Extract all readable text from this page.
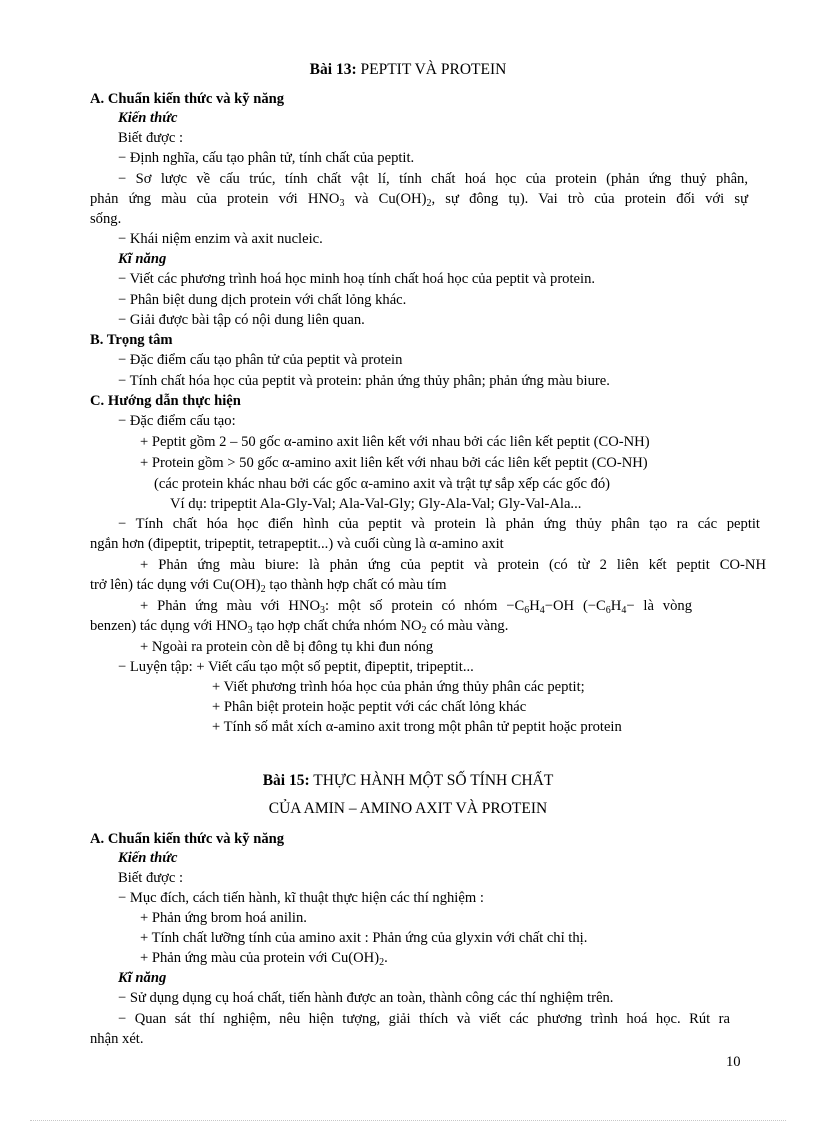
Bài 13: PEPTIT VÀ PROTEIN
A. Chuẩn kiến thức và kỹ năng
Kiến thức
Biết được :
− Định nghĩa, cấu tạo phân tử, tính chất của peptit.
− Sơ lược về cấu trúc, tính chất vật lí, tính chất hoá học của protein (phản ứng thuỷ phân,
phản ứng màu của protein với $HNO_3$ và $Cu(OH)_2$, sự đông tụ). Vai trò của protein đối với sự
sống.
− Khái niệm enzim và axit nucleic.
Kĩ năng
− Viết các phương trình hoá học minh hoạ tính chất hoá học của peptit và protein.
− Phân biệt dung dịch protein với chất lỏng khác.
− Giải được bài tập có nội dung liên quan.
B. Trọng tâm
− Đặc điểm cấu tạo phân tử của peptit và protein
− Tính chất hóa học của peptit và protein: phản ứng thủy phân; phản ứng màu biure.
C. Hướng dẫn thực hiện
− Đặc điểm cấu tạo:
+ Peptit gồm 2 – 50 gốc α-amino axit liên kết với nhau bởi các liên kết peptit (CO-NH)
+ Protein gồm > 50 gốc α-amino axit liên kết với nhau bởi các liên kết peptit (CO-NH)
(các protein khác nhau bởi các gốc α-amino axit và trật tự sắp xếp các gốc đó)
Ví dụ: tripeptit Ala-Gly-Val; Ala-Val-Gly; Gly-Ala-Val; Gly-Val-Ala...
− Tính chất hóa học điển hình của peptit và protein là phản ứng thủy phân tạo ra các peptit
ngắn hơn (đipeptit, tripeptit, tetrapeptit...) và cuối cùng là α-amino axit
+ Phản ứng màu biure: là phản ứng của peptit và protein (có từ 2 liên kết peptit CO-NH
trở lên) tác dụng với $Cu(OH)_2$ tạo thành hợp chất có màu tím
+ Phản ứng màu với $HNO_3$: một số protein có nhóm $-C_6H_4-OH$ ($-C_6H_4-$ là vòng
benzen) tác dụng với $HNO_3$ tạo hợp chất chứa nhóm $NO_2$ có màu vàng.
+ Ngoài ra protein còn dễ bị đông tụ khi đun nóng
− Luyện tập: + Viết cấu tạo một số peptit, đipeptit, tripeptit...
+ Viết phương trình hóa học của phản ứng thủy phân các peptit;
+ Phân biệt protein hoặc peptit với các chất lỏng khác
+ Tính số mắt xích α-amino axit trong một phân tử peptit hoặc protein
Bài 15: THỰC HÀNH MỘT SỐ TÍNH CHẤT
CỦA AMIN – AMINO AXIT VÀ PROTEIN
A. Chuẩn kiến thức và kỹ năng
Kiến thức
Biết được :
− Mục đích, cách tiến hành, kĩ thuật thực hiện các thí nghiệm :
+ Phản ứng brom hoá anilin.
+ Tính chất lưỡng tính của amino axit : Phản ứng của glyxin với chất chỉ thị.
+ Phản ứng màu của protein với $Cu(OH)_2$.
Kĩ năng
− Sử dụng dụng cụ hoá chất, tiến hành được an toàn, thành công các thí nghiệm trên.
− Quan sát thí nghiệm, nêu hiện tượng, giải thích và viết các phương trình hoá học. Rút ra
nhận xét.
10
